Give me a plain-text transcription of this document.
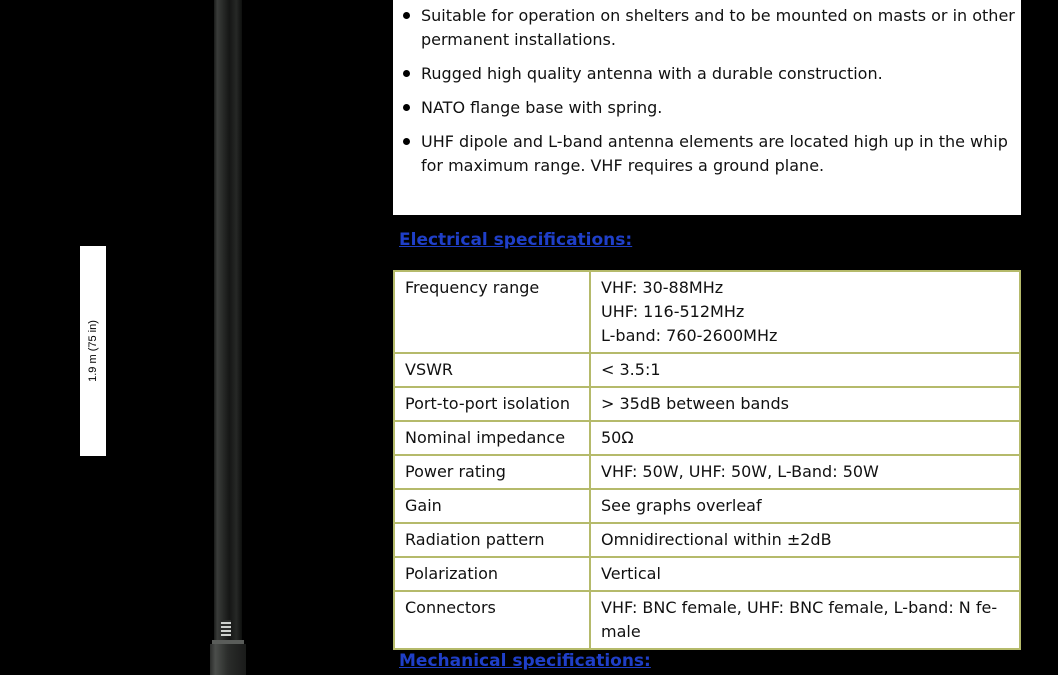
1.9 m (75 in)
Suitable for operation on shelters and to be mounted on masts or in other permanent installations.
Rugged high quality antenna with a durable construction.
NATO flange base with spring.
UHF dipole and L-band antenna elements are located high up in the whip for maximum range. VHF requires a ground plane.
Electrical specifications:
Frequency range	VHF: 30-88MHz
UHF: 116-512MHz
L-band: 760-2600MHz

VSWR	< 3.5:1

Port-to-port isolation	> 35dB between bands

Nominal impedance	50Ω

Power rating	VHF: 50W, UHF: 50W, L-Band: 50W

Gain	See graphs overleaf

Radiation pattern	Omnidirectional within ±2dB

Polarization	Vertical

Connectors	VHF: BNC female, UHF: BNC female, L-band: N fe-
male
Mechanical specifications:
